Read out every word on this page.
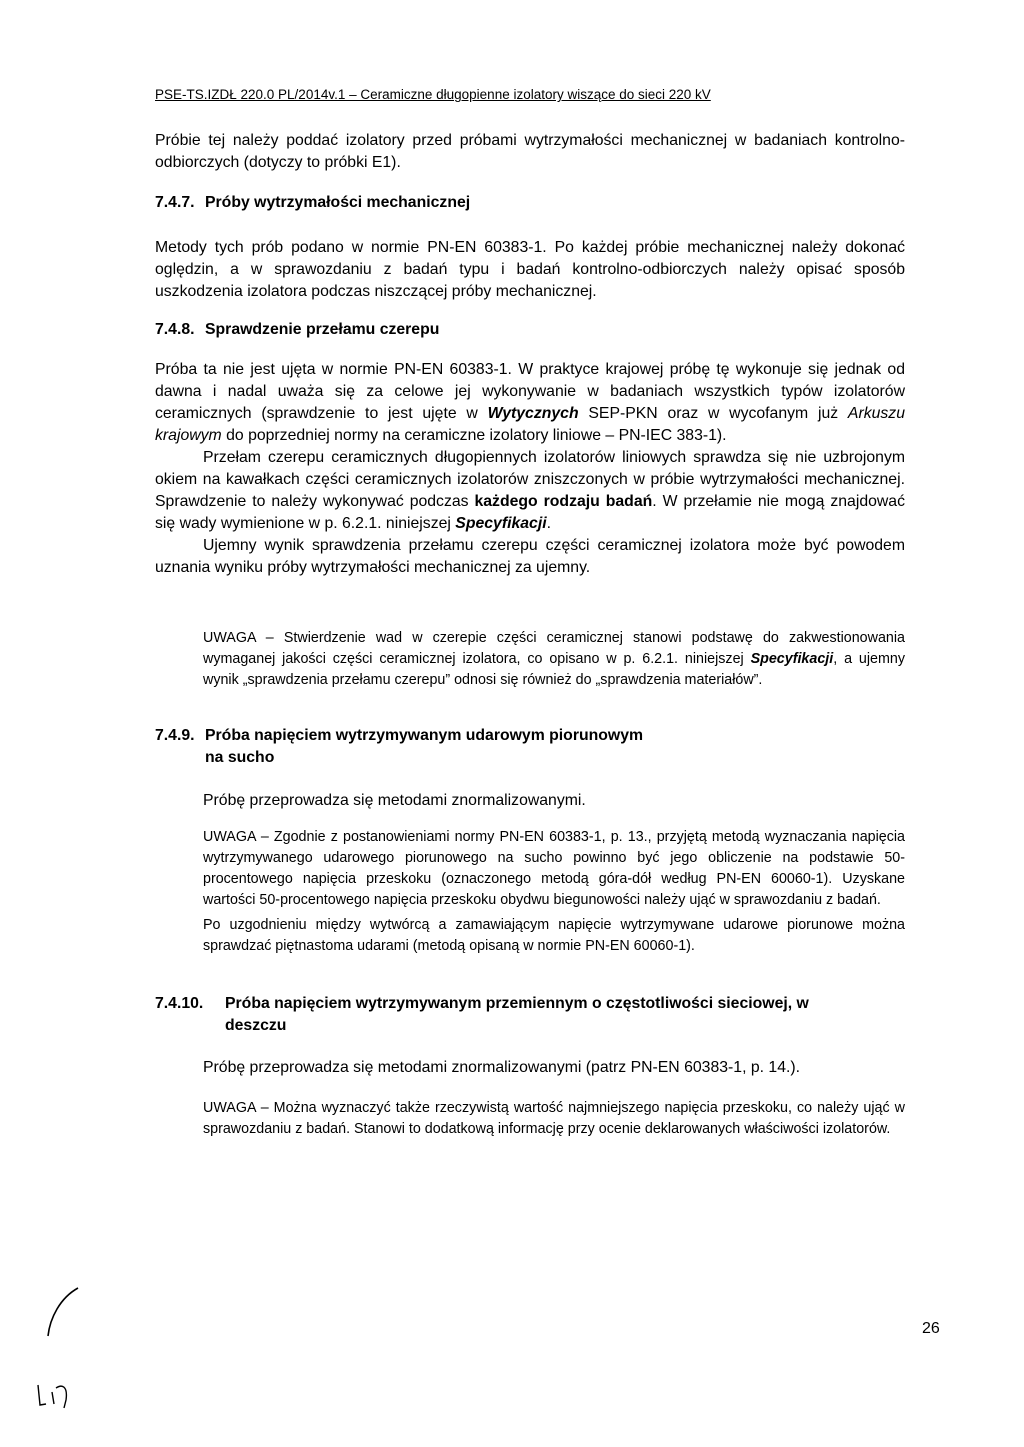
PSE-TS.IZDŁ 220.0 PL/2014v.1 – Ceramiczne długopienne izolatory wiszące do sieci 220 kV

Próbie tej należy poddać izolatory przed próbami wytrzymałości mechanicznej w badaniach kontrolno-odbiorczych (dotyczy to próbki E1).

7.4.7. Próby wytrzymałości mechanicznej

Metody tych prób podano w normie PN-EN 60383-1. Po każdej próbie mechanicznej należy dokonać oględzin, a w sprawozdaniu z badań typu i badań kontrolno-odbiorczych należy opisać sposób uszkodzenia izolatora podczas niszczącej próby mechanicznej.

7.4.8. Sprawdzenie przełamu czerepu

Próba ta nie jest ujęta w normie PN-EN 60383-1. W praktyce krajowej próbę tę wykonuje się jednak od dawna i nadal uważa się za celowe jej wykonywanie w badaniach wszystkich typów izolatorów ceramicznych (sprawdzenie to jest ujęte w Wytycznych SEP-PKN oraz w wycofanym już Arkuszu krajowym do poprzedniej normy na ceramiczne izolatory liniowe – PN-IEC 383-1).

Przełam czerepu ceramicznych długopiennych izolatorów liniowych sprawdza się nie uzbrojonym okiem na kawałkach części ceramicznych izolatorów zniszczonych w próbie wytrzymałości mechanicznej. Sprawdzenie to należy wykonywać podczas każdego rodzaju badań. W przełamie nie mogą znajdować się wady wymienione w p. 6.2.1. niniejszej Specyfikacji.

Ujemny wynik sprawdzenia przełamu czerepu części ceramicznej izolatora może być powodem uznania wyniku próby wytrzymałości mechanicznej za ujemny.

UWAGA – Stwierdzenie wad w czerepie części ceramicznej stanowi podstawę do zakwestionowania wymaganej jakości części ceramicznej izolatora, co opisano w p. 6.2.1. niniejszej Specyfikacji, a ujemny wynik „sprawdzenia przełamu czerepu” odnosi się również do „sprawdzenia materiałów”.

7.4.9. Próba napięciem wytrzymywanym udarowym piorunowym
na sucho

Próbę przeprowadza się metodami znormalizowanymi.

UWAGA – Zgodnie z postanowieniami normy PN-EN 60383-1, p. 13., przyjętą metodą wyznaczania napięcia wytrzymywanego udarowego piorunowego na sucho powinno być jego obliczenie na podstawie 50-procentowego napięcia przeskoku (oznaczonego metodą góra-dół według PN-EN 60060-1). Uzyskane wartości 50-procentowego napięcia przeskoku obydwu biegunowości należy ująć w sprawozdaniu z badań.

Po uzgodnieniu między wytwórcą a zamawiającym napięcie wytrzymywane udarowe piorunowe można sprawdzać piętnastoma udarami (metodą opisaną w normie PN-EN 60060-1).

7.4.10. Próba napięciem wytrzymywanym przemiennym o częstotliwości sieciowej, w
deszczu

Próbę przeprowadza się metodami znormalizowanymi (patrz PN-EN 60383-1, p. 14.).

UWAGA – Można wyznaczyć także rzeczywistą wartość najmniejszego napięcia przeskoku, co należy ująć w sprawozdaniu z badań. Stanowi to dodatkową informację przy ocenie deklarowanych właściwości izolatorów.

26
